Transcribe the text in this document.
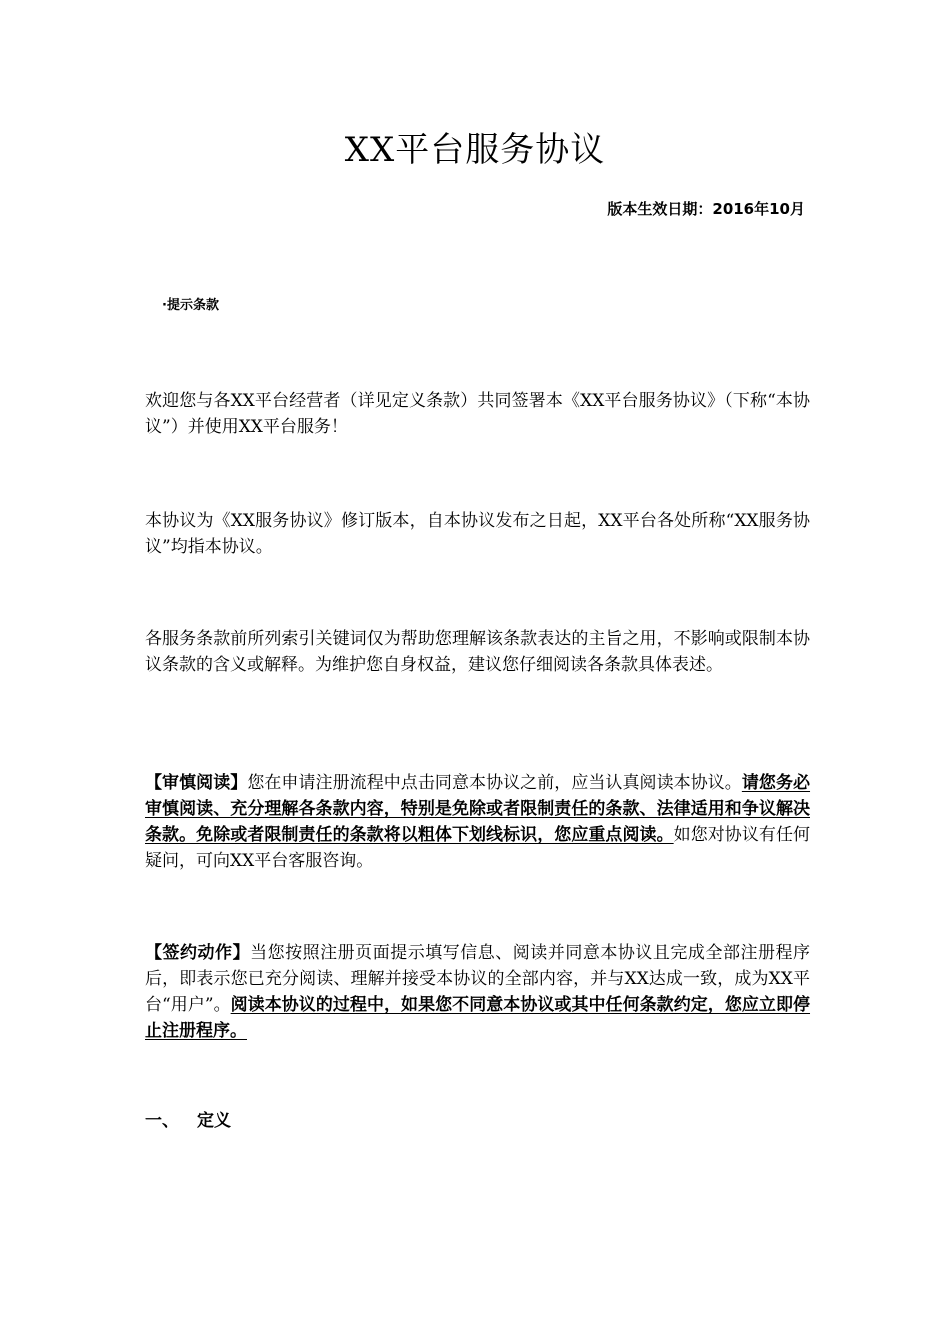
XX平台服务协议
版本生效日期：2016年10月
·提示条款

欢迎您与各XX平台经营者（详见定义条款）共同签署本《XX平台服务协议》（下称“本协议”）并使用XX平台服务！

本协议为《XX服务协议》修订版本，自本协议发布之日起，XX平台各处所称“XX服务协议”均指本协议。

各服务条款前所列索引关键词仅为帮助您理解该条款表达的主旨之用，不影响或限制本协议条款的含义或解释。为维护您自身权益，建议您仔细阅读各条款具体表述。

【审慎阅读】您在申请注册流程中点击同意本协议之前，应当认真阅读本协议。请您务必审慎阅读、充分理解各条款内容，特别是免除或者限制责任的条款、法律适用和争议解决条款。免除或者限制责任的条款将以粗体下划线标识，您应重点阅读。如您对协议有任何疑问，可向XX平台客服咨询。

【签约动作】当您按照注册页面提示填写信息、阅读并同意本协议且完成全部注册程序后，即表示您已充分阅读、理解并接受本协议的全部内容，并与XX达成一致，成为XX平台“用户”。阅读本协议的过程中，如果您不同意本协议或其中任何条款约定，您应立即停止注册程序。

一、 定义
